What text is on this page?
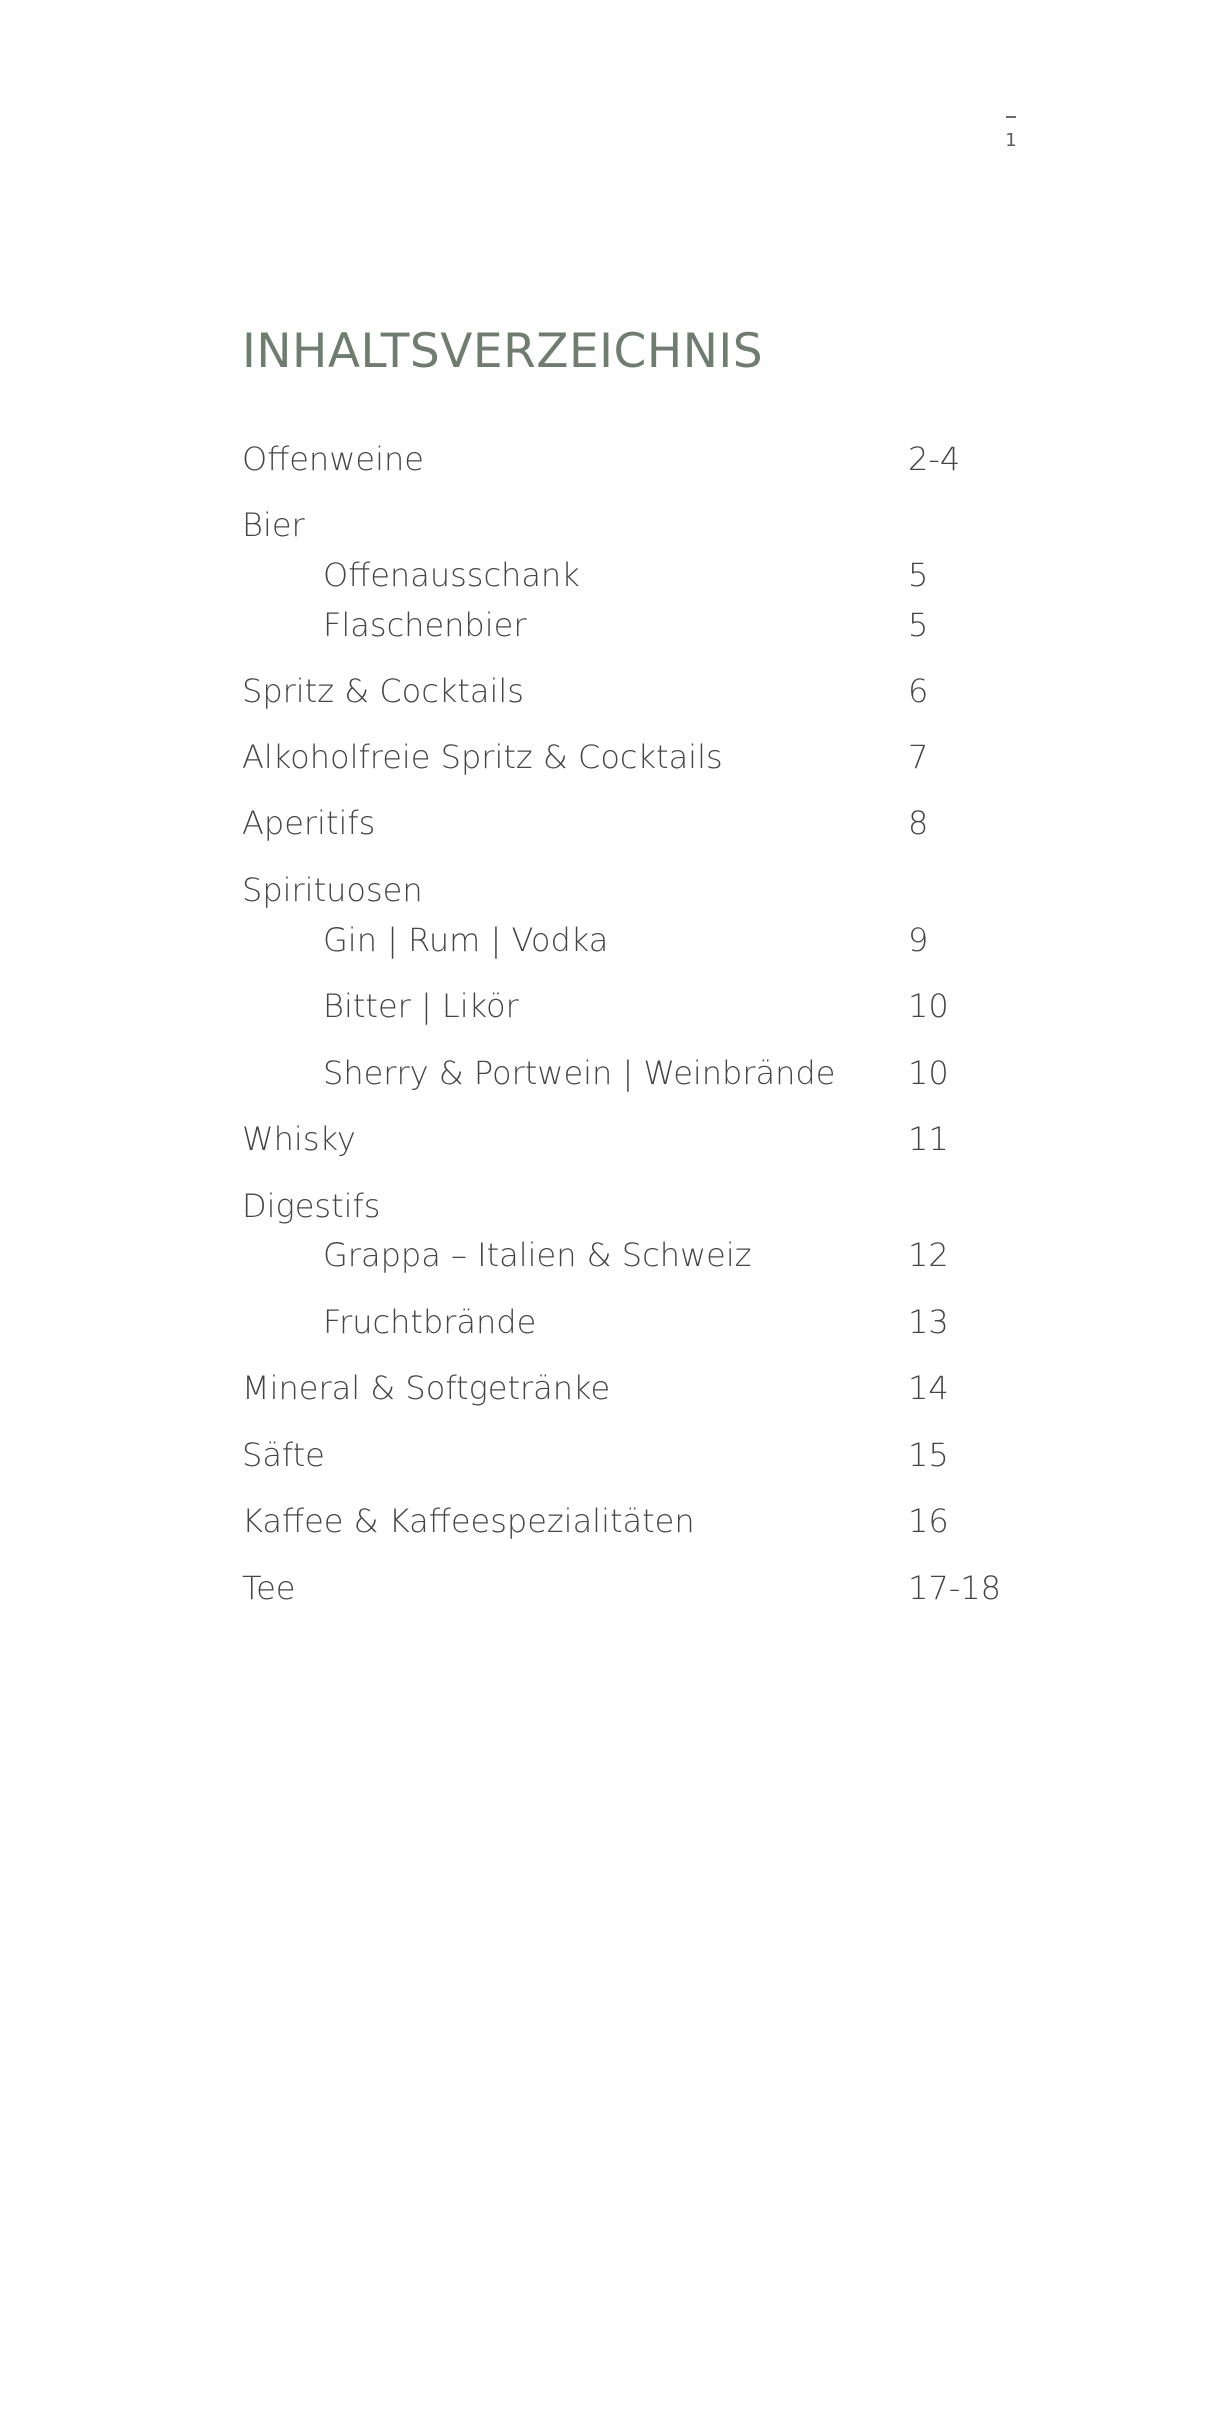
1
INHALTSVERZEICHNIS
Offenweine	2-4
Bier
Offenausschank	5
Flaschenbier	5
Spritz & Cocktails	6
Alkoholfreie Spritz & Cocktails	7
Aperitifs	8
Spirituosen
Gin | Rum | Vodka	9
Bitter | Likör	10
Sherry & Portwein | Weinbrände 10
Whisky	11
Digestifs
Grappa – Italien & Schweiz	12
Fruchtbrände	13
Mineral & Softgetränke	14
Säfte	15
Kaffee & Kaffeespezialitäten	16
Tee	17-18
